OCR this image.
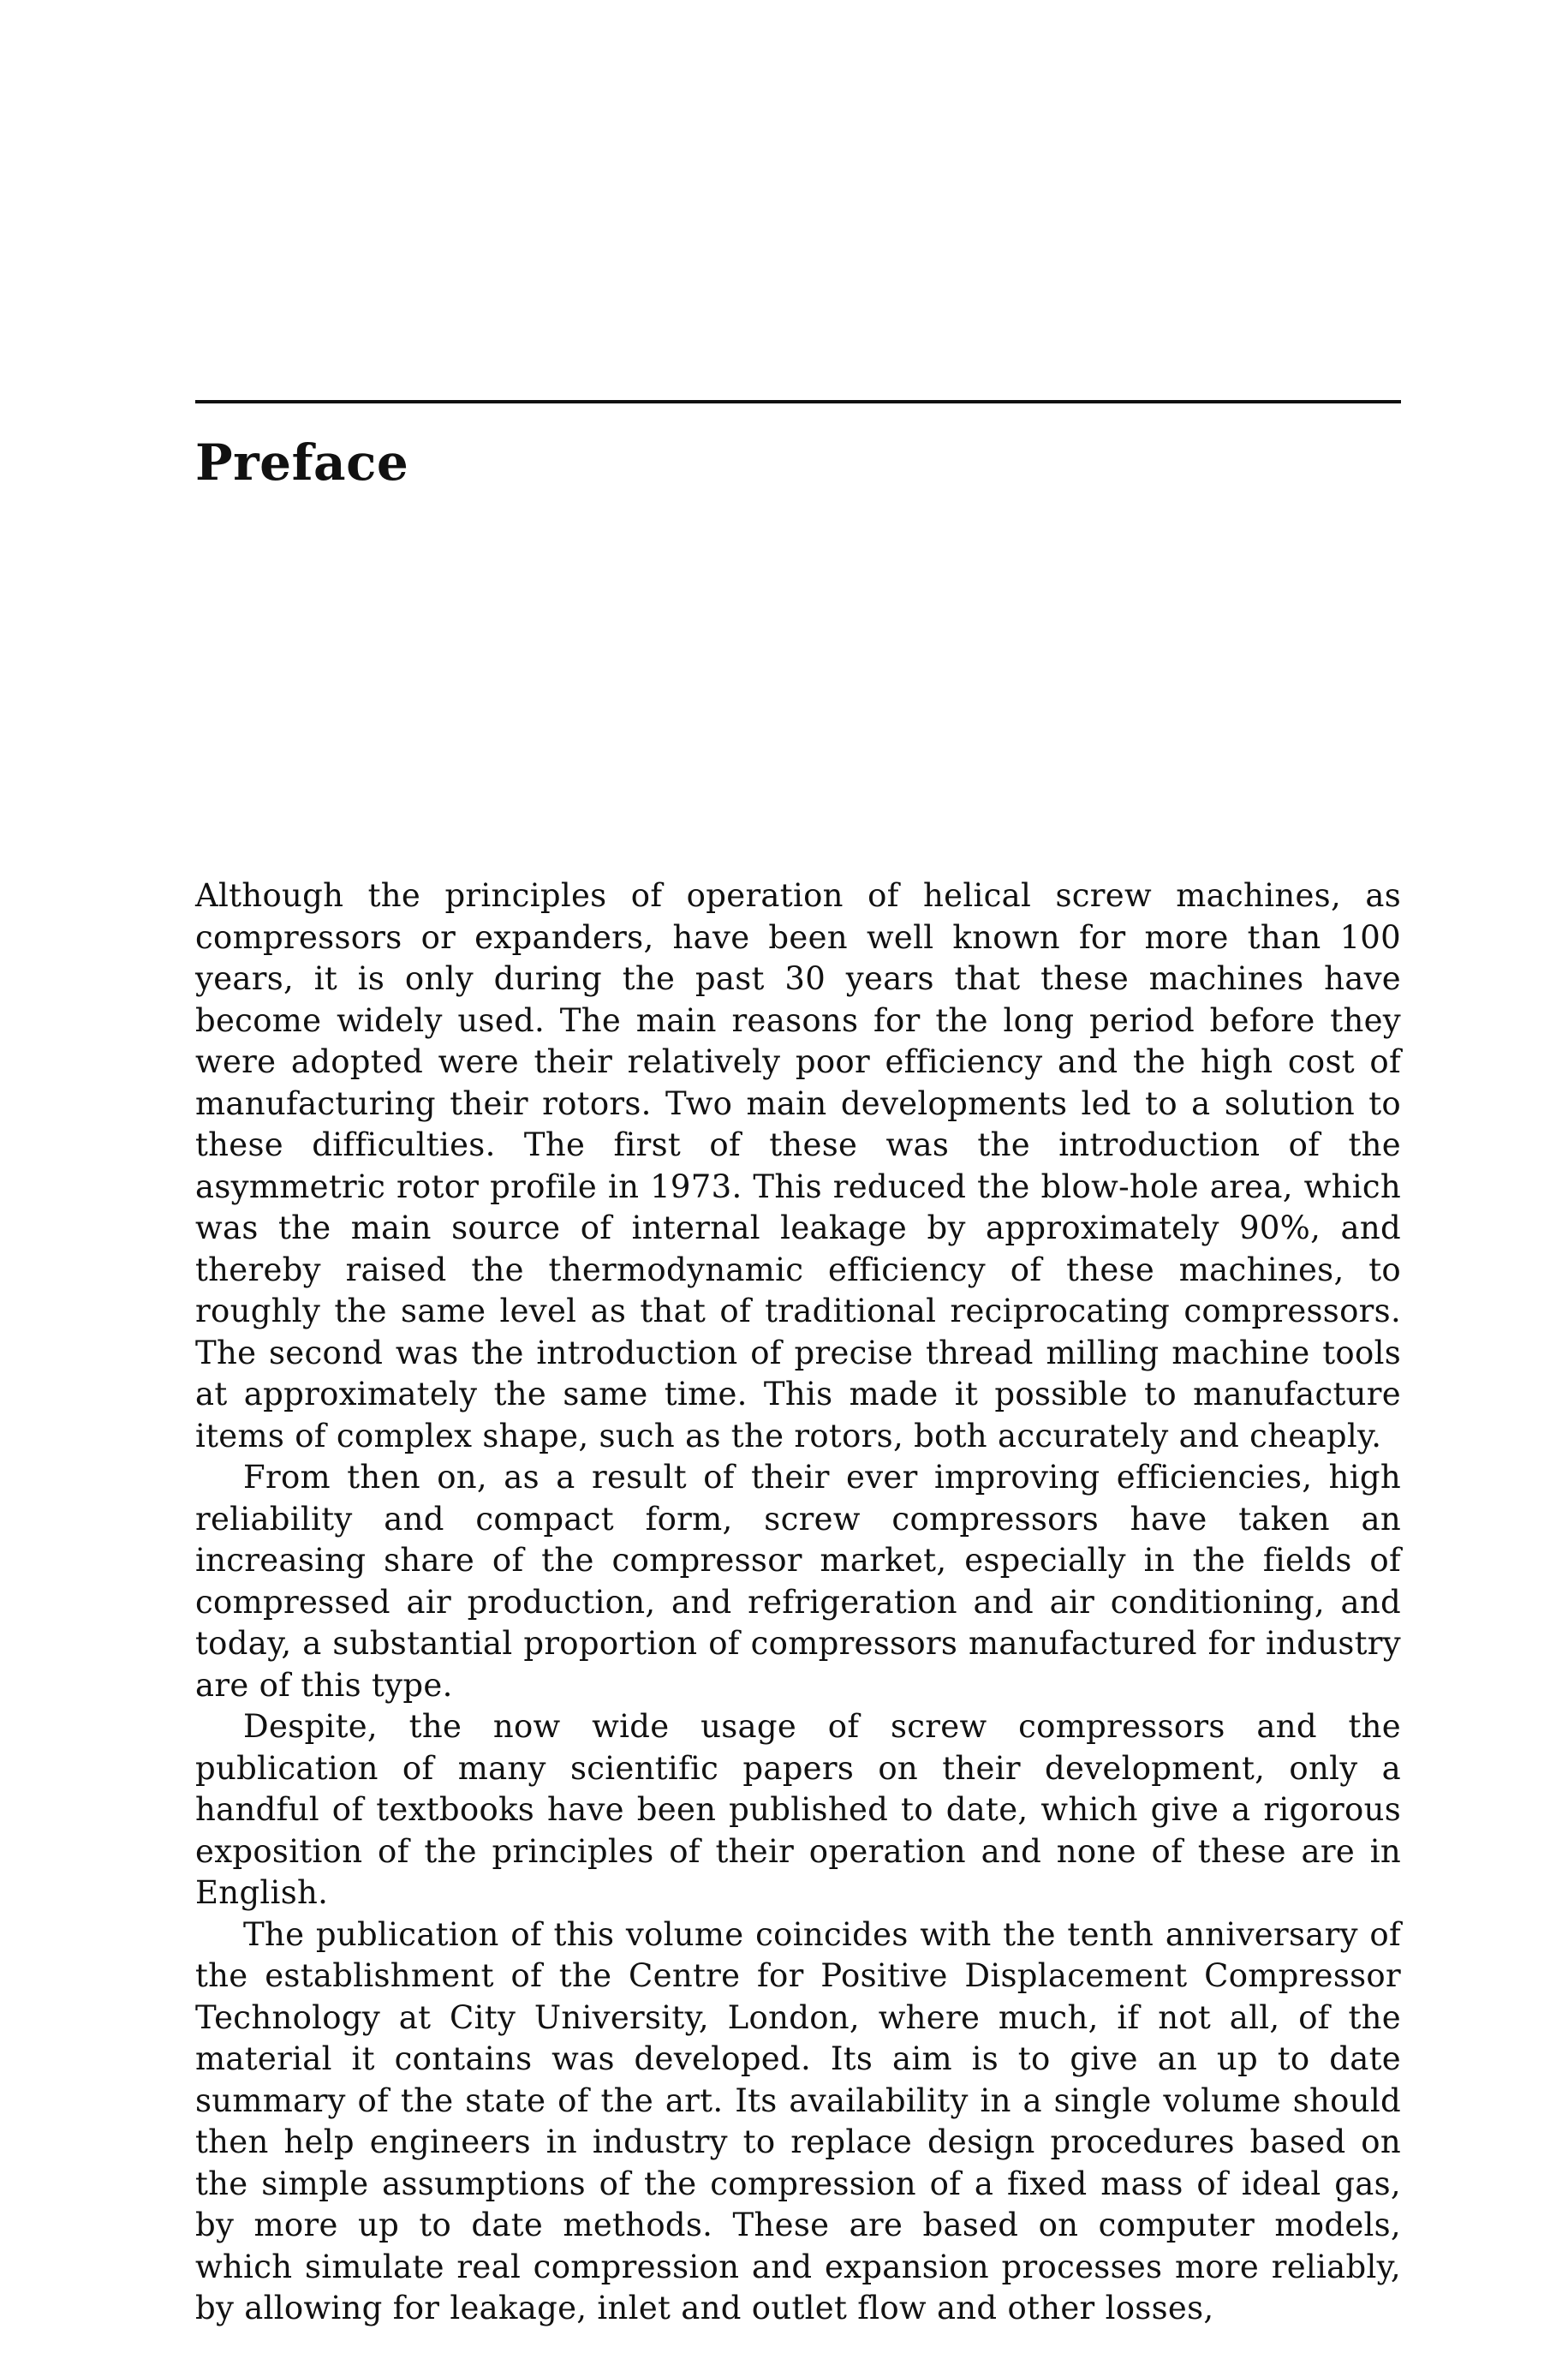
Preface

Although the principles of operation of helical screw machines, as compressors or expanders, have been well known for more than 100 years, it is only during the past 30 years that these machines have become widely used. The main reasons for the long period before they were adopted were their relatively poor efficiency and the high cost of manufacturing their rotors. Two main developments led to a solution to these difficulties. The first of these was the introduction of the asymmetric rotor profile in 1973. This reduced the blow-hole area, which was the main source of internal leakage by approximately 90%, and thereby raised the thermodynamic efficiency of these machines, to roughly the same level as that of traditional reciprocating compressors. The second was the introduction of precise thread milling machine tools at approximately the same time. This made it possible to manufacture items of complex shape, such as the rotors, both accurately and cheaply.

From then on, as a result of their ever improving efficiencies, high reliability and compact form, screw compressors have taken an increasing share of the compressor market, especially in the fields of compressed air production, and refrigeration and air conditioning, and today, a substantial proportion of compressors manufactured for industry are of this type.

Despite, the now wide usage of screw compressors and the publication of many scientific papers on their development, only a handful of textbooks have been published to date, which give a rigorous exposition of the principles of their operation and none of these are in English.

The publication of this volume coincides with the tenth anniversary of the establishment of the Centre for Positive Displacement Compressor Technology at City University, London, where much, if not all, of the material it contains was developed. Its aim is to give an up to date summary of the state of the art. Its availability in a single volume should then help engineers in industry to replace design procedures based on the simple assumptions of the compression of a fixed mass of ideal gas, by more up to date methods. These are based on computer models, which simulate real compression and expansion processes more reliably, by allowing for leakage, inlet and outlet flow and other losses,
